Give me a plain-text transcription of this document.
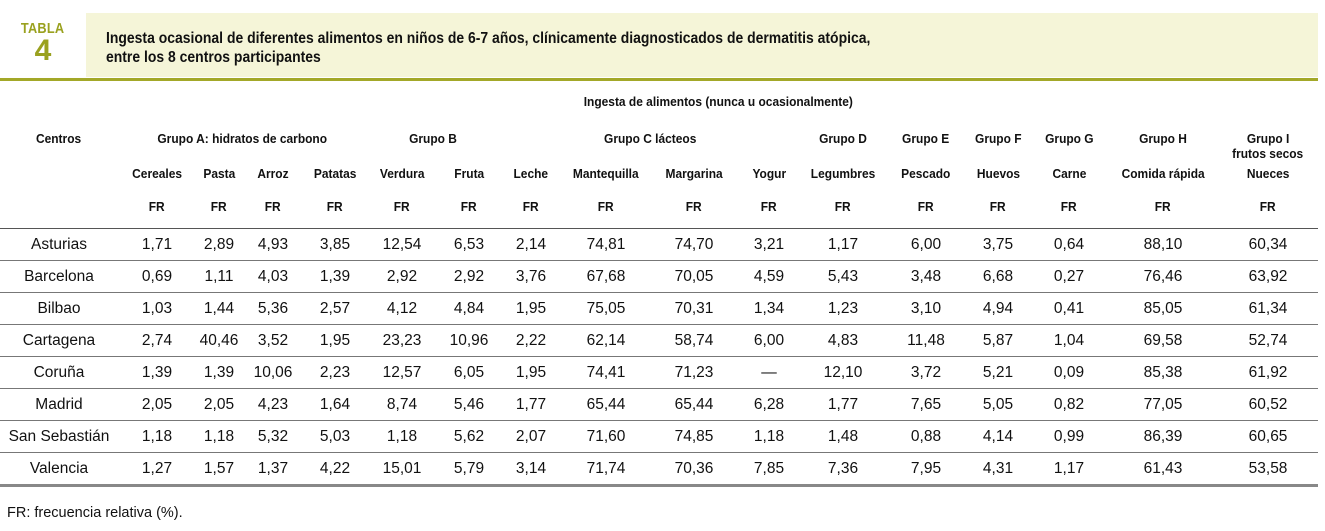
TABLA
4	Ingesta ocasional de diferentes alimentos en niños de 6-7 años, clínicamente diagnosticados de dermatitis atópica,
entre los 8 centros participantes
	Ingesta de alimentos (nunca u ocasionalmente)															
Centros	Grupo A: hidratos de carbono				Grupo B		Grupo C lácteos				Grupo D	Grupo E	Grupo F	Grupo G	Grupo H	Grupo I
frutos secos

	Cereales	Pasta	Arroz	Patatas	Verdura	Fruta	Leche	Mantequilla	Margarina	Yogur	Legumbres	Pescado	Huevos	Carne	Comida rápida	Nueces
	FR	FR	FR	FR	FR	FR	FR	FR	FR	FR	FR	FR	FR	FR	FR	FR
Asturias	1,71	2,89	4,93	3,85	12,54	6,53	2,14	74,81	74,70	3,21	1,17	6,00	3,75	0,64	88,10	60,34
Barcelona	0,69	1,11	4,03	1,39	2,92	2,92	3,76	67,68	70,05	4,59	5,43	3,48	6,68	0,27	76,46	63,92
Bilbao	1,03	1,44	5,36	2,57	4,12	4,84	1,95	75,05	70,31	1,34	1,23	3,10	4,94	0,41	85,05	61,34
Cartagena	2,74	40,46	3,52	1,95	23,23	10,96	2,22	62,14	58,74	6,00	4,83	11,48	5,87	1,04	69,58	52,74
Coruña	1,39	1,39	10,06	2,23	12,57	6,05	1,95	74,41	71,23	—	12,10	3,72	5,21	0,09	85,38	61,92
Madrid	2,05	2,05	4,23	1,64	8,74	5,46	1,77	65,44	65,44	6,28	1,77	7,65	5,05	0,82	77,05	60,52
San Sebastián	1,18	1,18	5,32	5,03	1,18	5,62	2,07	71,60	74,85	1,18	1,48	0,88	4,14	0,99	86,39	60,65
Valencia	1,27	1,57	1,37	4,22	15,01	5,79	3,14	71,74	70,36	7,85	7,36	7,95	4,31	1,17	61,43	53,58
FR: frecuencia relativa (%).
